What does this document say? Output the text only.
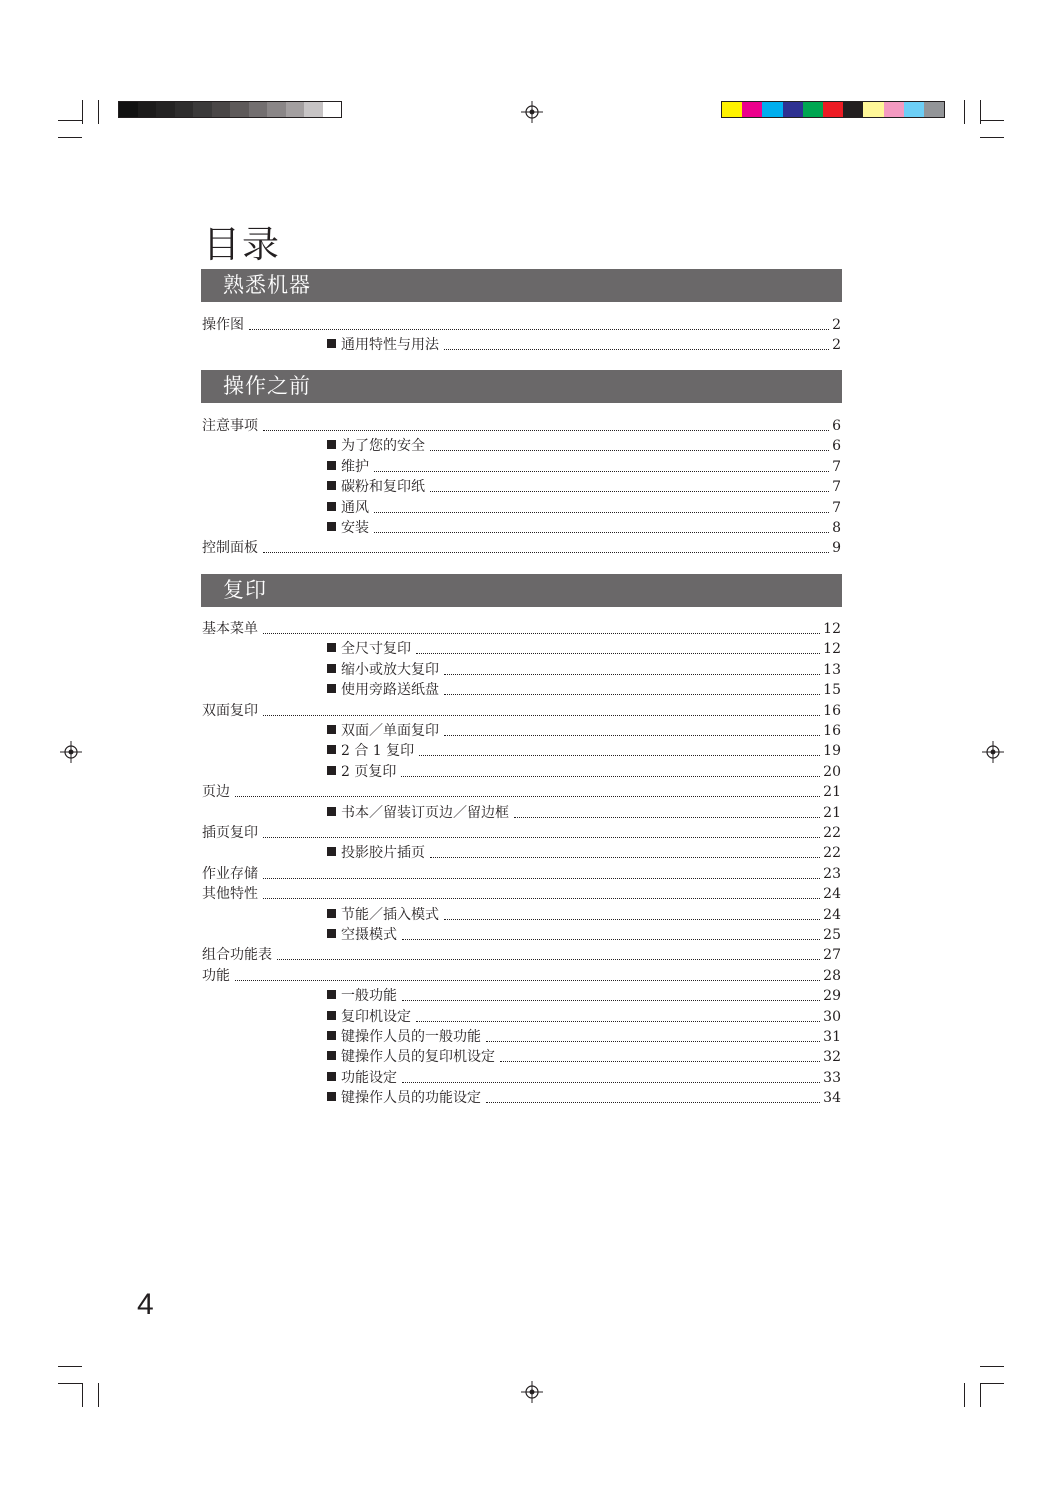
目录
熟悉机器
操作图	2
通用特性与用法	2
操作之前
注意事项	6
为了您的安全	6
维护	7
碳粉和复印纸	7
通风	7
安装	8
控制面板	9
复印
基本菜单	12
全尺寸复印	12
缩小或放大复印	13
使用旁路送纸盘	15
双面复印	16
双面／单面复印	16
2 合 1 复印	19
2 页复印	20
页边	21
书本／留装订页边／留边框	21
插页复印	22
投影胶片插页	22
作业存储	23
其他特性	24
节能／插入模式	24
空摄模式	25
组合功能表	27
功能	28
一般功能	29
复印机设定	30
键操作人员的一般功能	31
键操作人员的复印机设定	32
功能设定	33
键操作人员的功能设定	34
4
